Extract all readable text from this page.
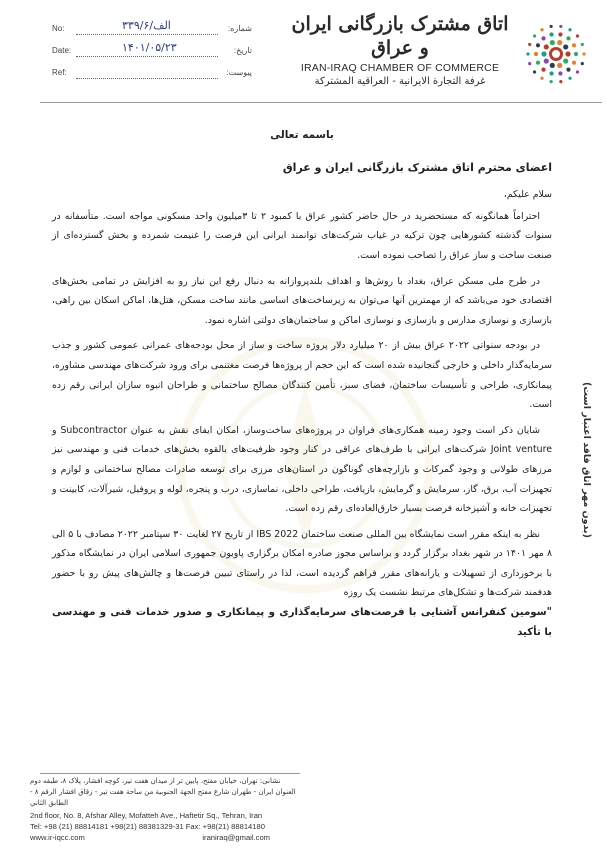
اتاق مشترک بازرگانی ایران و عراق
IRAN-IRAQ CHAMBER OF COMMERCE
غرفة التجارة الايرانية - العراقية المشتركة
No:	۳۳۹/الف/۶	شماره:
Date:	۱۴۰۱/۰۵/۲۳	تاریخ:
Ref:	پیوست:
(بدون مهر اتاق فاقد اعتبار است)
باسمه تعالی
اعضای محترم اتاق مشترک بازرگانی ایران و عراق
سلام علیکم،

احتراماً همانگونه که مستحضرید در حال حاضر کشور عراق با کمبود ۲ تا ۳میلیون واحد مسکونی مواجه است. متأسفانه در سنوات گذشته کشورهایی چون ترکیه در غیاب شرکت‌های توانمند ایرانی این فرصت را غنیمت شمرده و بخش گسترده‌ای از صنعت ساخت و ساز عراق را تصاحب نموده است.

در طرح ملی مسکن عراق، بغداد با روش‌ها و اهداف بلندپروازانه به دنبال رفع این نیاز رو به افزایش در تمامی بخش‌های اقتصادی خود می‌باشد که از مهمترین آنها می‌توان به زیرساخت‌های اساسی مانند ساخت مسکن، هتل‌ها، اماکن اسکان بین راهی، بازسازی و نوسازی مدارس و بازسازی و نوسازی اماکن و ساختمان‌های دولتی اشاره نمود.

در بودجه سنواتی ۲۰۲۲ عراق بیش از ۲۰ میلیارد دلار پروژه ساخت و ساز از محل بودجه‌های عمرانی عمومی کشور و جذب سرمایه‌گذار داخلی و خارجی گنجانیده شده است که این حجم از پروژه‌ها فرصت مغتنمی برای ورود شرکت‌های مهندسی مشاوره، پیمانکاری، طراحی و تأسیسات ساختمان، فضای سبز، تأمین کنندگان مصالح ساختمانی و طراحان انبوه سازان ایرانی رقم زده است.

شایان ذکر است وجود زمینه همکاری‌های فراوان در پروژه‌های ساخت‌وساز، امکان ایفای نقش به عنوان Subcontractor و Joint venture شرکت‌های ایرانی با طرف‌های عراقی در کنار وجود ظرفیت‌های بالقوه بخش‌های خدمات فنی و مهندسی نیز مرزهای طولانی و وجود گمرکات و بازارچه‌های گوناگون در استان‌های مرزی برای توسعه صادرات مصالح ساختمانی و لوازم و تجهیزات آب، برق، گاز، سرمایش و گرمایش، بازیافت، طراحی داخلی، نماسازی، درب و پنجره، لوله و پروفیل، شیرآلات، کابینت و تجهیزات خانه و آشپزخانه فرصت بسیار خارق‌العاده‌ای رقم زده است.

نظر به اینکه مقرر است نمایشگاه بین المللی صنعت ساختمان IBS 2022 از تاریخ ۲۷ لغایت ۳۰ سپتامبر ۲۰۲۲ مصادف با ۵ الی ۸ مهر ۱۴۰۱ در شهر بغداد برگزار گردد و براساس مجوز صادره امکان برگزاری پاویون جمهوری اسلامی ایران در نمایشگاه مذکور با برخورداری از تسهیلات و یارانه‌های مقرر فراهم گردیده است، لذا در راستای تبیین فرصت‌ها و چالش‌های پیش رو با حضور هدفمند شرکت‌ها و تشکل‌های مرتبط نشست یک روزه

"سومین کنفرانس آشنایی با فرصت‌های سرمایه‌گذاری و پیمانکاری و صدور خدمات فنی و مهندسی با تأکید
نشانی: تهران، خیابان مفتح، پایین تر از میدان هفت تیر، کوچه افشار، پلاک ۸، طبقه دوم
العنوان ایران - طهران شارع مفتح الجهة الجنوبية من ساحة هفت تیر - زقاق افشار الرقم ۸ - الطابق الثاني
2nd floor, No. 8, Afshar Alley, Mofatteh Ave., Haftetir Sq., Tehran, Iran
Tel: +98 (21) 88814181 +98(21) 88381329-31 Fax: +98(21) 88814180
www.ir-iqcc.com	iraniraq@gmail.com
